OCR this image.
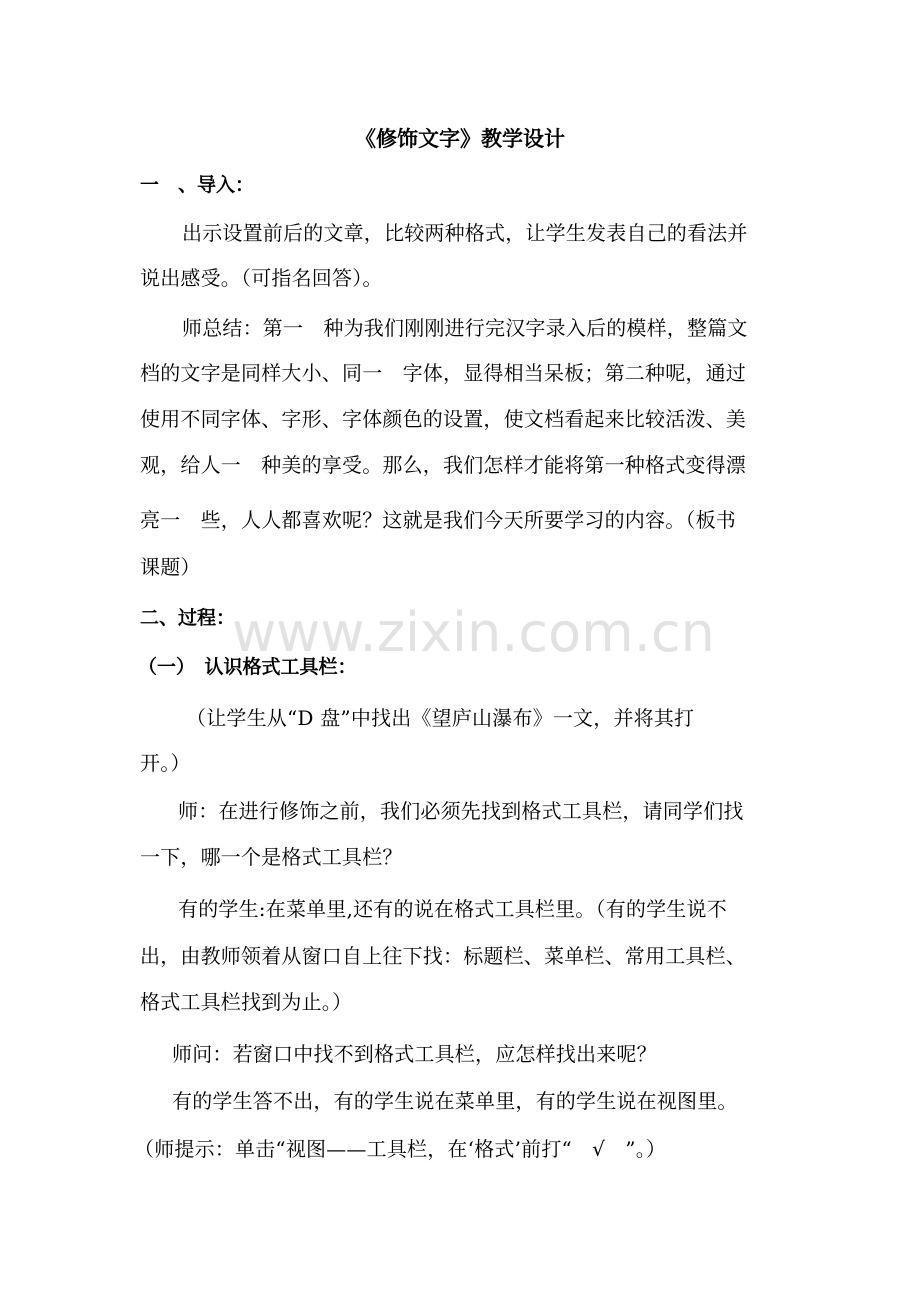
《修饰文字》教学设计
一　、导入：
出示设置前后的文章，比较两种格式，让学生发表自己的看法并
说出感受。（可指名回答）。
师总结：第一　种为我们刚刚进行完汉字录入后的模样，整篇文
档的文字是同样大小、同一　字体，显得相当呆板；第二种呢，通过
使用不同字体、字形、字体颜色的设置，使文档看起来比较活泼、美
观，给人一　种美的享受。那么，我们怎样才能将第一种格式变得漂
亮一　些，人人都喜欢呢？这就是我们今天所要学习的内容。（板书
课题）
二、过程：
（一）　认识格式工具栏：
（让学生从“D 盘”中找出《望庐山瀑布》一文，并将其打
开。）
师：在进行修饰之前，我们必须先找到格式工具栏，请同学们找
一下，哪一个是格式工具栏？
有的学生:在菜单里,还有的说在格式工具栏里。（有的学生说不
出，由教师领着从窗口自上往下找：标题栏、菜单栏、常用工具栏、
格式工具栏找到为止。）
师问：若窗口中找不到格式工具栏，应怎样找出来呢？
有的学生答不出，有的学生说在菜单里，有的学生说在视图里。
（师提示：单击“视图——工具栏，在‘格式’前打“　√　”。）
www.zixin.com.cn
